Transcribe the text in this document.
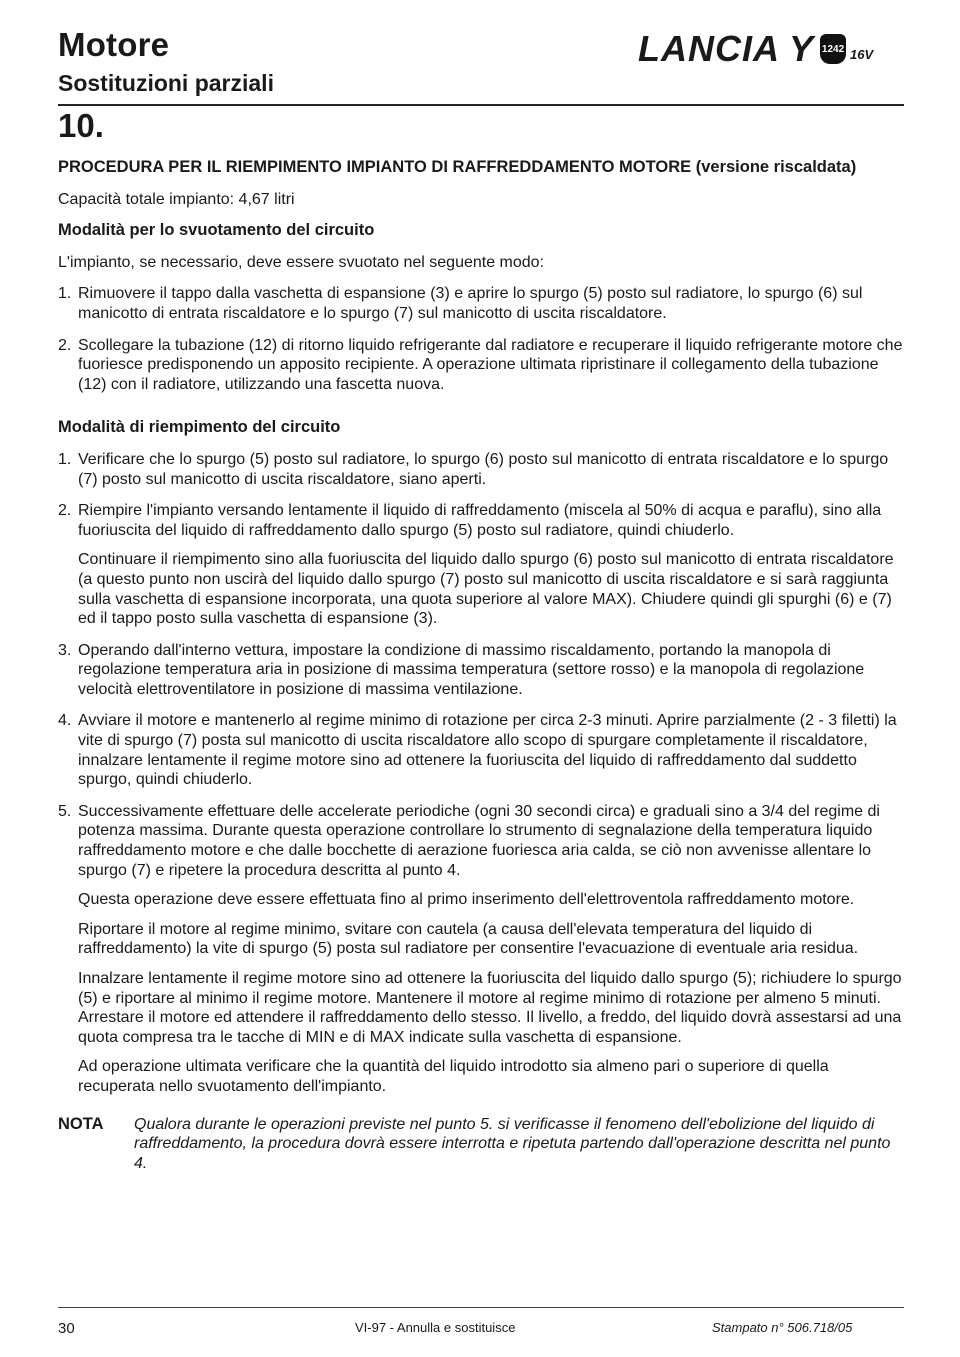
Motore
Sostituzioni parziali
LANCIA Y 1242 16V
10.
PROCEDURA PER IL RIEMPIMENTO IMPIANTO DI RAFFREDDAMENTO MOTORE (versione riscaldata)
Capacità totale impianto: 4,67 litri
Modalità per lo svuotamento del circuito
L'impianto, se necessario, deve essere svuotato nel seguente modo:
1. Rimuovere il tappo dalla vaschetta di espansione (3) e aprire lo spurgo (5) posto sul radiatore, lo spurgo (6) sul manicotto di entrata riscaldatore e lo spurgo (7) sul manicotto di uscita riscaldatore.
2. Scollegare la tubazione (12) di ritorno liquido refrigerante dal radiatore e recuperare il liquido refrigerante motore che fuoriesce predisponendo un apposito recipiente. A operazione ultimata ripristinare il collegamento della tubazione (12) con il radiatore, utilizzando una fascetta nuova.
Modalità di riempimento del circuito
1. Verificare che lo spurgo (5) posto sul radiatore, lo spurgo (6) posto sul manicotto di entrata riscaldatore e lo spurgo (7) posto sul manicotto di uscita riscaldatore, siano aperti.
2. Riempire l'impianto versando lentamente il liquido di raffreddamento (miscela al 50% di acqua e paraflu), sino alla fuoriuscita del liquido di raffreddamento dallo spurgo (5) posto sul radiatore, quindi chiuderlo.
Continuare il riempimento sino alla fuoriuscita del liquido dallo spurgo (6) posto sul manicotto di entrata riscaldatore (a questo punto non uscirà del liquido dallo spurgo (7) posto sul manicotto di uscita riscaldatore e si sarà raggiunta sulla vaschetta di espansione incorporata, una quota superiore al valore MAX). Chiudere quindi gli spurghi (6) e (7) ed il tappo posto sulla vaschetta di espansione (3).
3. Operando dall'interno vettura, impostare la condizione di massimo riscaldamento, portando la manopola di regolazione temperatura aria in posizione di massima temperatura (settore rosso) e la manopola di regolazione velocità elettroventilatore in posizione di massima ventilazione.
4. Avviare il motore e mantenerlo al regime minimo di rotazione per circa 2-3 minuti. Aprire parzialmente (2 - 3 filetti) la vite di spurgo (7) posta sul manicotto di uscita riscaldatore allo scopo di spurgare completamente il riscaldatore, innalzare lentamente il regime motore sino ad ottenere la fuoriuscita del liquido di raffreddamento dal suddetto spurgo, quindi chiuderlo.
5. Successivamente effettuare delle accelerate periodiche (ogni 30 secondi circa) e graduali sino a 3/4 del regime di potenza massima. Durante questa operazione controllare lo strumento di segnalazione della temperatura liquido raffreddamento motore e che dalle bocchette di aerazione fuoriesca aria calda, se ciò non avvenisse allentare lo spurgo (7) e ripetere la procedura descritta al punto 4.
Questa operazione deve essere effettuata fino al primo inserimento dell'elettroventola raffreddamento motore.
Riportare il motore al regime minimo, svitare con cautela (a causa dell'elevata temperatura del liquido di raffreddamento) la vite di spurgo (5) posta sul radiatore per consentire l'evacuazione di eventuale aria residua.
Innalzare lentamente il regime motore sino ad ottenere la fuoriuscita del liquido dallo spurgo (5); richiudere lo spurgo (5) e riportare al minimo il regime motore. Mantenere il motore al regime minimo di rotazione per almeno 5 minuti. Arrestare il motore ed attendere il raffreddamento dello stesso. Il livello, a freddo, del liquido dovrà assestarsi ad una quota compresa tra le tacche di MIN e di MAX indicate sulla vaschetta di espansione.
Ad operazione ultimata verificare che la quantità del liquido introdotto sia almeno pari o superiore di quella recuperata nello svuotamento dell'impianto.
NOTA Qualora durante le operazioni previste nel punto 5. si verificasse il fenomeno dell'ebolizione del liquido di raffreddamento, la procedura dovrà essere interrotta e ripetuta partendo dall'operazione descritta nel punto 4.
30	VI-97 - Annulla e sostituisce	Stampato n° 506.718/05
